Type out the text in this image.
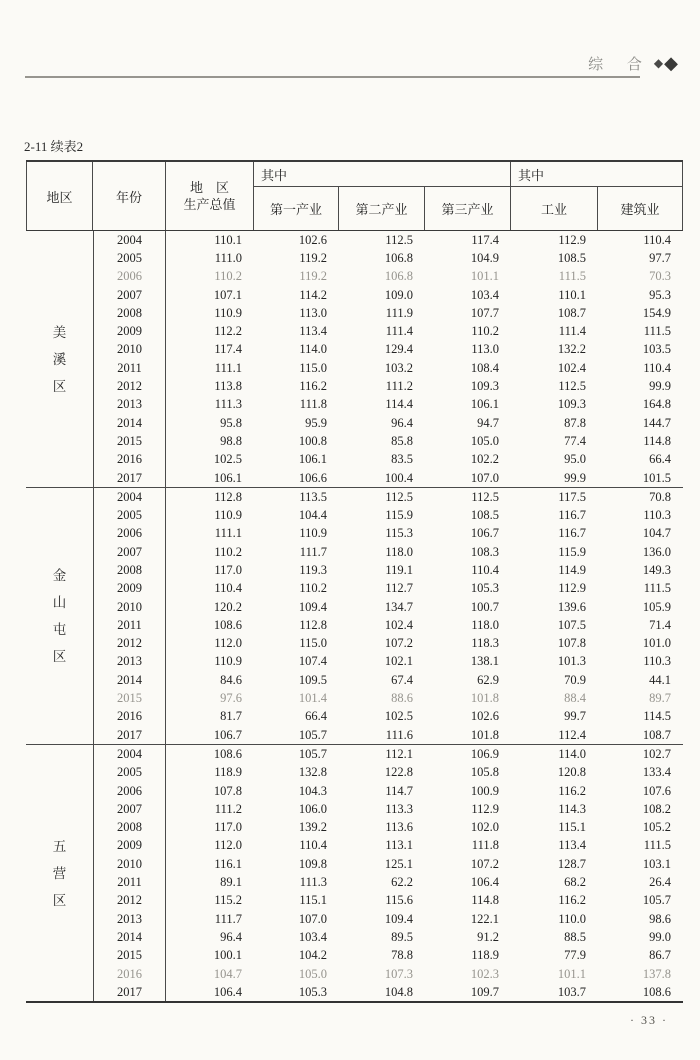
综 合 ◆ ◆
2-11 续表2
地区	年份
地　区
生产总值
其中	其中
第一产业	第二产业	第三产业	工业	建筑业
美
溪
区
2004	110.1	102.6	112.5	117.4	112.9	110.4
2005	111.0	119.2	106.8	104.9	108.5	97.7
2006	110.2	119.2	106.8	101.1	111.5	70.3
2007	107.1	114.2	109.0	103.4	110.1	95.3
2008	110.9	113.0	111.9	107.7	108.7	154.9
2009	112.2	113.4	111.4	110.2	111.4	111.5
2010	117.4	114.0	129.4	113.0	132.2	103.5
2011	111.1	115.0	103.2	108.4	102.4	110.4
2012	113.8	116.2	111.2	109.3	112.5	99.9
2013	111.3	111.8	114.4	106.1	109.3	164.8
2014	95.8	95.9	96.4	94.7	87.8	144.7
2015	98.8	100.8	85.8	105.0	77.4	114.8
2016	102.5	106.1	83.5	102.2	95.0	66.4
2017	106.1	106.6	100.4	107.0	99.9	101.5
金
山
屯
区
2004	112.8	113.5	112.5	112.5	117.5	70.8
2005	110.9	104.4	115.9	108.5	116.7	110.3
2006	111.1	110.9	115.3	106.7	116.7	104.7
2007	110.2	111.7	118.0	108.3	115.9	136.0
2008	117.0	119.3	119.1	110.4	114.9	149.3
2009	110.4	110.2	112.7	105.3	112.9	111.5
2010	120.2	109.4	134.7	100.7	139.6	105.9
2011	108.6	112.8	102.4	118.0	107.5	71.4
2012	112.0	115.0	107.2	118.3	107.8	101.0
2013	110.9	107.4	102.1	138.1	101.3	110.3
2014	84.6	109.5	67.4	62.9	70.9	44.1
2015	97.6	101.4	88.6	101.8	88.4	89.7
2016	81.7	66.4	102.5	102.6	99.7	114.5
2017	106.7	105.7	111.6	101.8	112.4	108.7
五
营
区
2004	108.6	105.7	112.1	106.9	114.0	102.7
2005	118.9	132.8	122.8	105.8	120.8	133.4
2006	107.8	104.3	114.7	100.9	116.2	107.6
2007	111.2	106.0	113.3	112.9	114.3	108.2
2008	117.0	139.2	113.6	102.0	115.1	105.2
2009	112.0	110.4	113.1	111.8	113.4	111.5
2010	116.1	109.8	125.1	107.2	128.7	103.1
2011	89.1	111.3	62.2	106.4	68.2	26.4
2012	115.2	115.1	115.6	114.8	116.2	105.7
2013	111.7	107.0	109.4	122.1	110.0	98.6
2014	96.4	103.4	89.5	91.2	88.5	99.0
2015	100.1	104.2	78.8	118.9	77.9	86.7
2016	104.7	105.0	107.3	102.3	101.1	137.8
2017	106.4	105.3	104.8	109.7	103.7	108.6
· 33 ·
